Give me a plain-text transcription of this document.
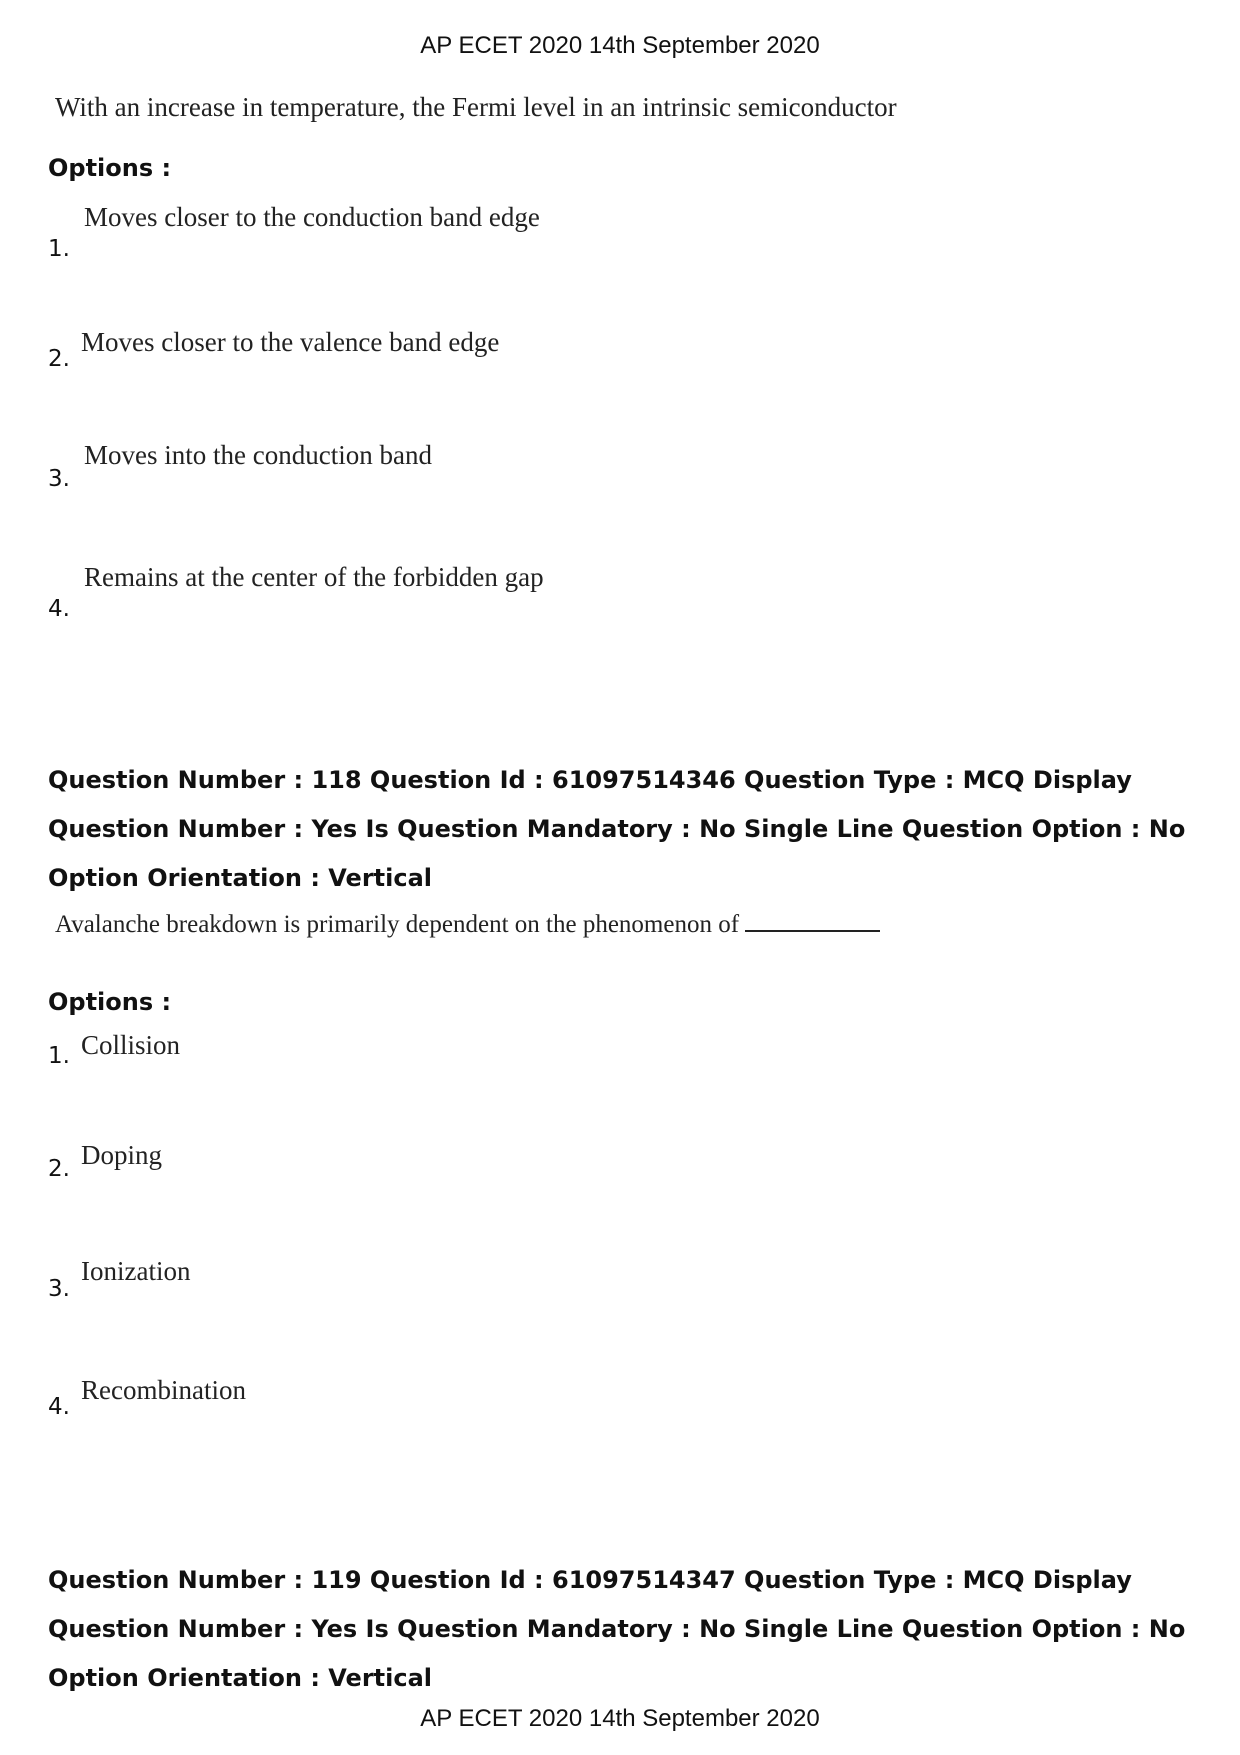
AP ECET 2020 14th September 2020
With an increase in temperature, the Fermi level in an intrinsic semiconductor
Options :
1.
Moves closer to the conduction band edge
2.
Moves closer to the valence band edge
3.
Moves into the conduction band
4.
Remains at the center of the forbidden gap
Question Number : 118 Question Id : 61097514346 Question Type : MCQ Display Question Number : Yes Is Question Mandatory : No Single Line Question Option : No Option Orientation : Vertical
Avalanche breakdown is primarily dependent on the phenomenon of
Options :
1. Collision
2. Doping
3.
Ionization
4.
Recombination
Question Number : 119 Question Id : 61097514347 Question Type : MCQ Display Question Number : Yes Is Question Mandatory : No Single Line Question Option : No Option Orientation : Vertical
AP ECET 2020 14th September 2020
